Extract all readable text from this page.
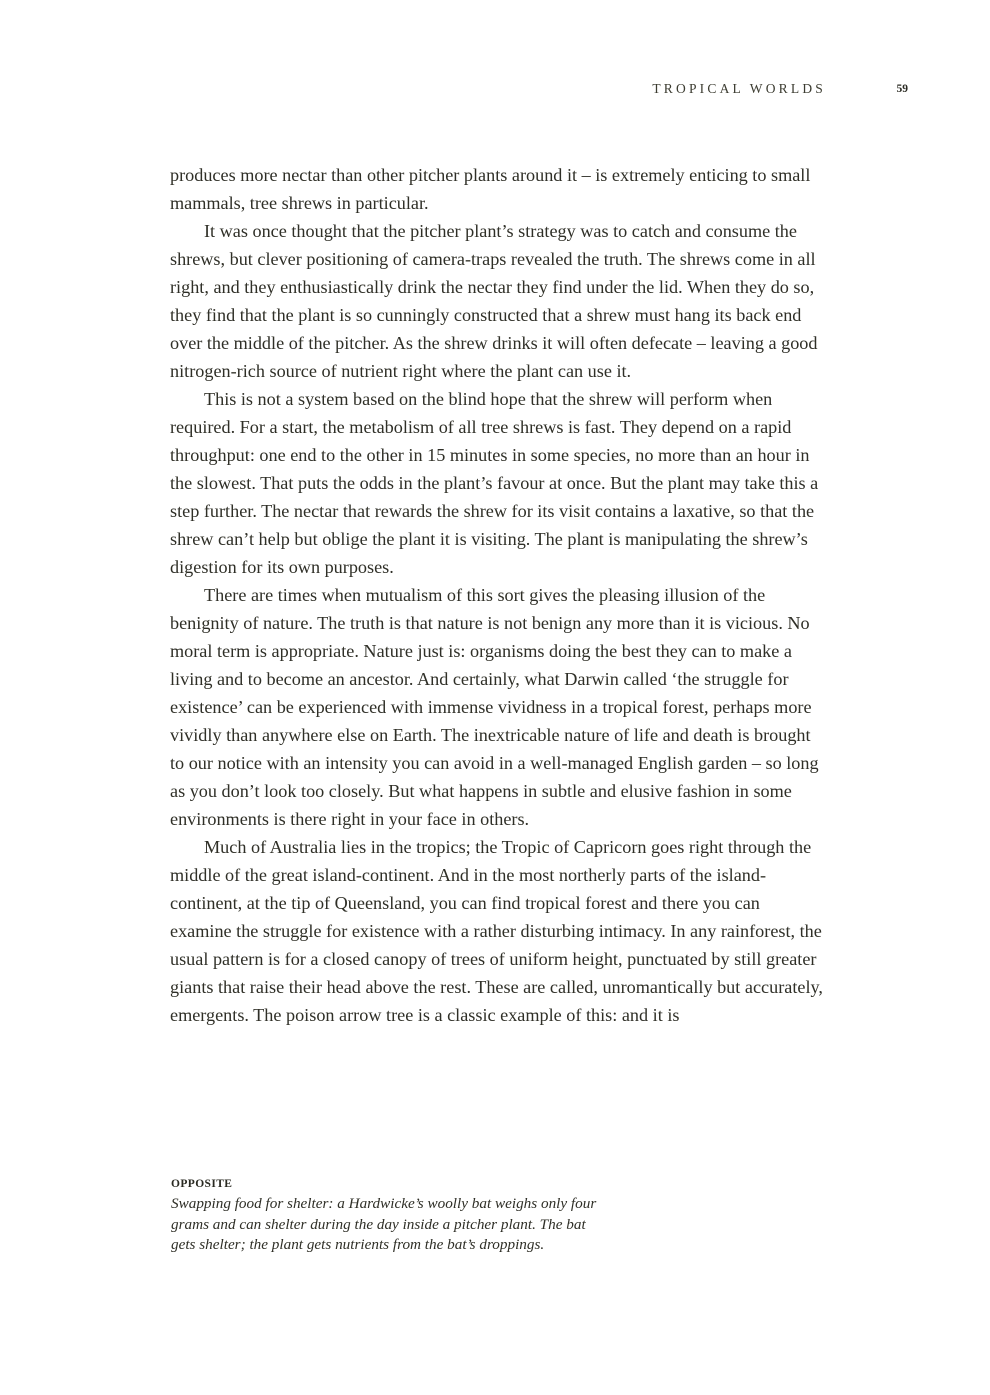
TROPICAL WORLDS	59

produces more nectar than other pitcher plants around it – is extremely enticing to small mammals, tree shrews in particular.

It was once thought that the pitcher plant’s strategy was to catch and consume the shrews, but clever positioning of camera-traps revealed the truth. The shrews come in all right, and they enthusiastically drink the nectar they find under the lid. When they do so, they find that the plant is so cunningly constructed that a shrew must hang its back end over the middle of the pitcher. As the shrew drinks it will often defecate – leaving a good nitrogen-rich source of nutrient right where the plant can use it.

This is not a system based on the blind hope that the shrew will perform when required. For a start, the metabolism of all tree shrews is fast. They depend on a rapid throughput: one end to the other in 15 minutes in some species, no more than an hour in the slowest. That puts the odds in the plant’s favour at once. But the plant may take this a step further. The nectar that rewards the shrew for its visit contains a laxative, so that the shrew can’t help but oblige the plant it is visiting. The plant is manipulating the shrew’s digestion for its own purposes.

There are times when mutualism of this sort gives the pleasing illusion of the benignity of nature. The truth is that nature is not benign any more than it is vicious. No moral term is appropriate. Nature just is: organisms doing the best they can to make a living and to become an ancestor. And certainly, what Darwin called ‘the struggle for existence’ can be experienced with immense vividness in a tropical forest, perhaps more vividly than anywhere else on Earth. The inextricable nature of life and death is brought to our notice with an intensity you can avoid in a well-managed English garden – so long as you don’t look too closely. But what happens in subtle and elusive fashion in some environments is there right in your face in others.

Much of Australia lies in the tropics; the Tropic of Capricorn goes right through the middle of the great island-continent. And in the most northerly parts of the island-continent, at the tip of Queensland, you can find tropical forest and there you can examine the struggle for existence with a rather disturbing intimacy. In any rainforest, the usual pattern is for a closed canopy of trees of uniform height, punctuated by still greater giants that raise their head above the rest. These are called, unromantically but accurately, emergents. The poison arrow tree is a classic example of this: and it is

OPPOSITE
Swapping food for shelter: a Hardwicke’s woolly bat weighs only four
grams and can shelter during the day inside a pitcher plant. The bat
gets shelter; the plant gets nutrients from the bat’s droppings.
